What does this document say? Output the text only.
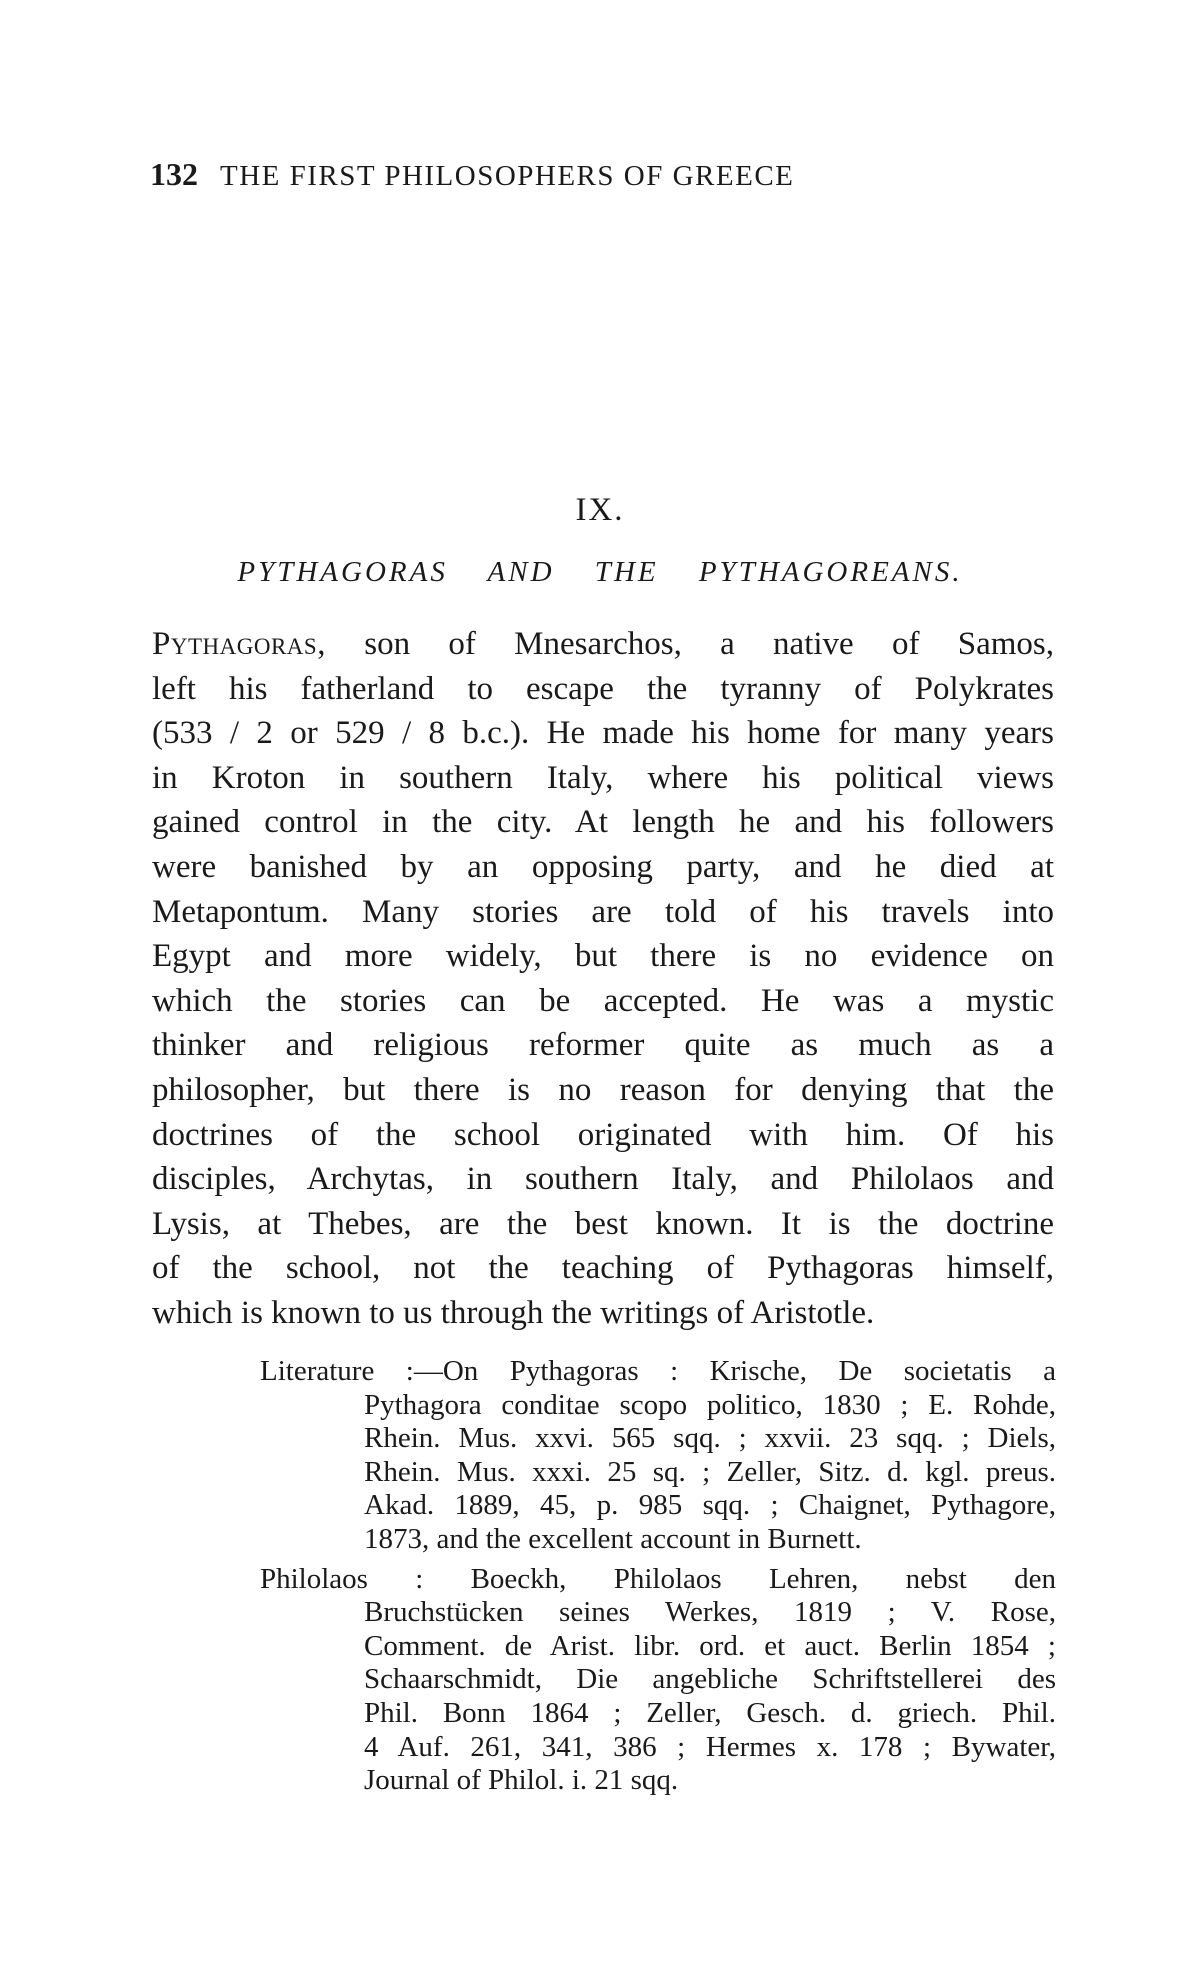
132 THE FIRST PHILOSOPHERS OF GREECE
IX.
PYTHAGORAS AND THE PYTHAGOREANS.
Pythagoras, son of Mnesarchos, a native of Samos,
left his fatherland to escape the tyranny of Polykrates
(533 / 2 or 529 / 8 b.c.). He made his home for many years
in Kroton in southern Italy, where his political views
gained control in the city. At length he and his followers
were banished by an opposing party, and he died at
Metapontum. Many stories are told of his travels into
Egypt and more widely, but there is no evidence on
which the stories can be accepted. He was a mystic
thinker and religious reformer quite as much as a
philosopher, but there is no reason for denying that the
doctrines of the school originated with him. Of his
disciples, Archytas, in southern Italy, and Philolaos and
Lysis, at Thebes, are the best known. It is the doctrine
of the school, not the teaching of Pythagoras himself,
which is known to us through the writings of Aristotle.
Literature :—On Pythagoras : Krische, De societatis a
Pythagora conditae scopo politico, 1830 ; E. Rohde,
Rhein. Mus. xxvi. 565 sqq. ; xxvii. 23 sqq. ; Diels,
Rhein. Mus. xxxi. 25 sq. ; Zeller, Sitz. d. kgl. preus.
Akad. 1889, 45, p. 985 sqq. ; Chaignet, Pythagore,
1873, and the excellent account in Burnett.
Philolaos : Boeckh, Philolaos Lehren, nebst den
Bruchstücken seines Werkes, 1819 ; V. Rose,
Comment. de Arist. libr. ord. et auct. Berlin 1854 ;
Schaarschmidt, Die angebliche Schriftstellerei des
Phil. Bonn 1864 ; Zeller, Gesch. d. griech. Phil.
4 Auf. 261, 341, 386 ; Hermes x. 178 ; Bywater,
Journal of Philol. i. 21 sqq.
